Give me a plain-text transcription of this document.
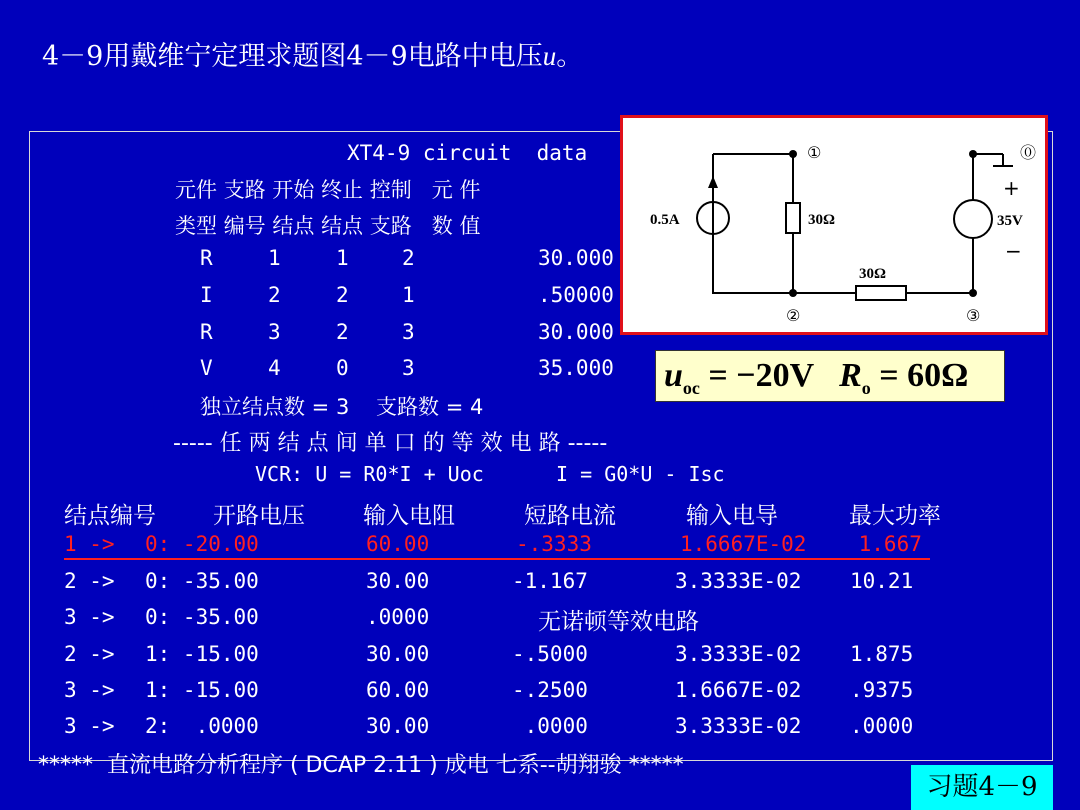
4－9用戴维宁定理求题图4－9电路中电压u。
XT4-9 circuit  data
元件 支路 开始 终止 控制 元 件
类型 编号 结点 结点 支路 数 值
R	1	1	2	30.000
I	2	2	1	.50000
R	3	2	3	30.000
V	4	0	3	35.000
独立结点数 = 3 支路数 = 4
----- 任 两 结 点 间 单 口 的 等 效 电 路 -----
VCR: U = R0*I + Uoc      I = G0*U - Isc
结点编号 开路电压	输入电阻	短路电流	输入电导	最大功率
1 -> 0: -20.00	60.00	-.3333	1.6667E-02 1.667
2 -> 0: -35.00	30.00	-1.167	3.3333E-02 10.21
3 -> 0: -35.00	.0000	无诺顿等效电路
2 -> 1: -15.00	30.00	-.5000	3.3333E-02 1.875
3 -> 1: -15.00	60.00	-.2500	1.6667E-02 .9375
3 -> 2:  .0000	30.00	.0000	3.3333E-02 .0000
*****  直流电路分析程序 ( DCAP 2.11 ) 成电 七系--胡翔骏 *****
0.5A	30Ω
30Ω
35V
①	⓪
②	③
+
−
$u_{oc} = -20V$ $R_o = 60\Omega$
习题4－9
